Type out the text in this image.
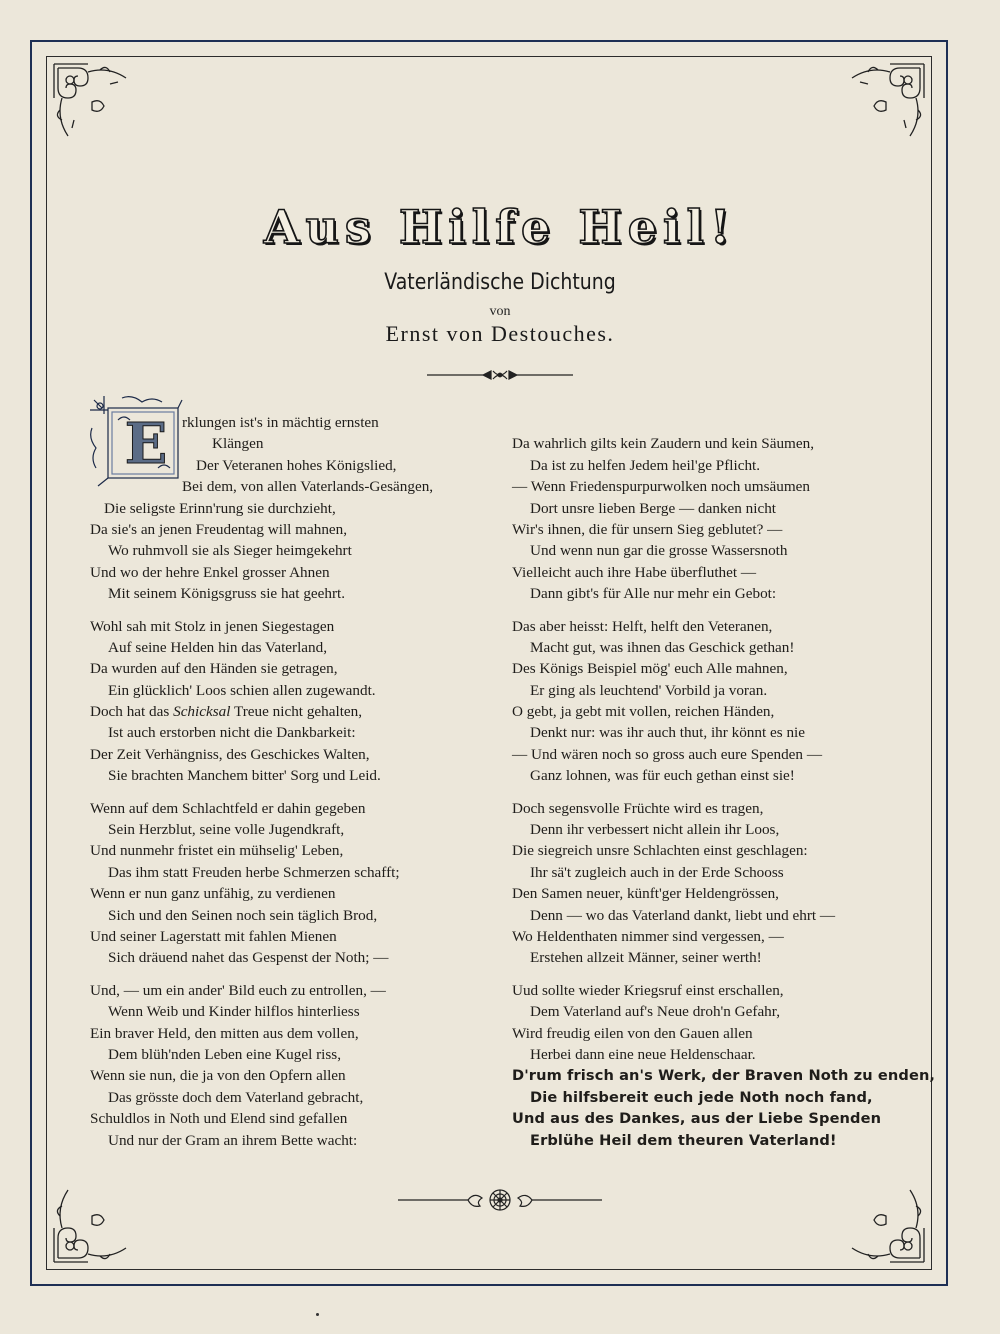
Aus Hilfe Heil!
Vaterländische Dichtung
von
Ernst von Destouches.
E rklungen ist's in mächtig ernsten
Klängen
Der Veteranen hohes Königslied,
Bei dem, von allen Vaterlands-Gesängen,
Die seligste Erinn'rung sie durchzieht,
Da sie's an jenen Freudentag will mahnen,
Wo ruhmvoll sie als Sieger heimgekehrt
Und wo der hehre Enkel grosser Ahnen
Mit seinem Königsgruss sie hat geehrt.
Wohl sah mit Stolz in jenen Siegestagen
Auf seine Helden hin das Vaterland,
Da wurden auf den Händen sie getragen,
Ein glücklich' Loos schien allen zugewandt.
Doch hat das Schicksal Treue nicht gehalten,
Ist auch erstorben nicht die Dankbarkeit:
Der Zeit Verhängniss, des Geschickes Walten,
Sie brachten Manchem bitter' Sorg und Leid.
Wenn auf dem Schlachtfeld er dahin gegeben
Sein Herzblut, seine volle Jugendkraft,
Und nunmehr fristet ein mühselig' Leben,
Das ihm statt Freuden herbe Schmerzen schafft;
Wenn er nun ganz unfähig, zu verdienen
Sich und den Seinen noch sein täglich Brod,
Und seiner Lagerstatt mit fahlen Mienen
Sich dräuend nahet das Gespenst der Noth; —
Und, — um ein ander' Bild euch zu entrollen, —
Wenn Weib und Kinder hilflos hinterliess
Ein braver Held, den mitten aus dem vollen,
Dem blüh'nden Leben eine Kugel riss,
Wenn sie nun, die ja von den Opfern allen
Das grösste doch dem Vaterland gebracht,
Schuldlos in Noth und Elend sind gefallen
Und nur der Gram an ihrem Bette wacht:
Da wahrlich gilts kein Zaudern und kein Säumen,
Da ist zu helfen Jedem heil'ge Pflicht.
— Wenn Friedenspurpurwolken noch umsäumen
Dort unsre lieben Berge — danken nicht
Wir's ihnen, die für unsern Sieg geblutet? —
Und wenn nun gar die grosse Wassersnoth
Vielleicht auch ihre Habe überfluthet —
Dann gibt's für Alle nur mehr ein Gebot:
Das aber heisst: Helft, helft den Veteranen,
Macht gut, was ihnen das Geschick gethan!
Des Königs Beispiel mög' euch Alle mahnen,
Er ging als leuchtend' Vorbild ja voran.
O gebt, ja gebt mit vollen, reichen Händen,
Denkt nur: was ihr auch thut, ihr könnt es nie
— Und wären noch so gross auch eure Spenden —
Ganz lohnen, was für euch gethan einst sie!
Doch segensvolle Früchte wird es tragen,
Denn ihr verbessert nicht allein ihr Loos,
Die siegreich unsre Schlachten einst geschlagen:
Ihr sä't zugleich auch in der Erde Schooss
Den Samen neuer, künft'ger Heldengrössen,
Denn — wo das Vaterland dankt, liebt und ehrt —
Wo Heldenthaten nimmer sind vergessen, —
Erstehen allzeit Männer, seiner werth!
Uud sollte wieder Kriegsruf einst erschallen,
Dem Vaterland auf's Neue droh'n Gefahr,
Wird freudig eilen von den Gauen allen
Herbei dann eine neue Heldenschaar.
D'rum frisch an's Werk, der Braven Noth zu enden,
Die hilfsbereit euch jede Noth noch fand,
Und aus des Dankes, aus der Liebe Spenden
Erblühe Heil dem theuren Vaterland!
